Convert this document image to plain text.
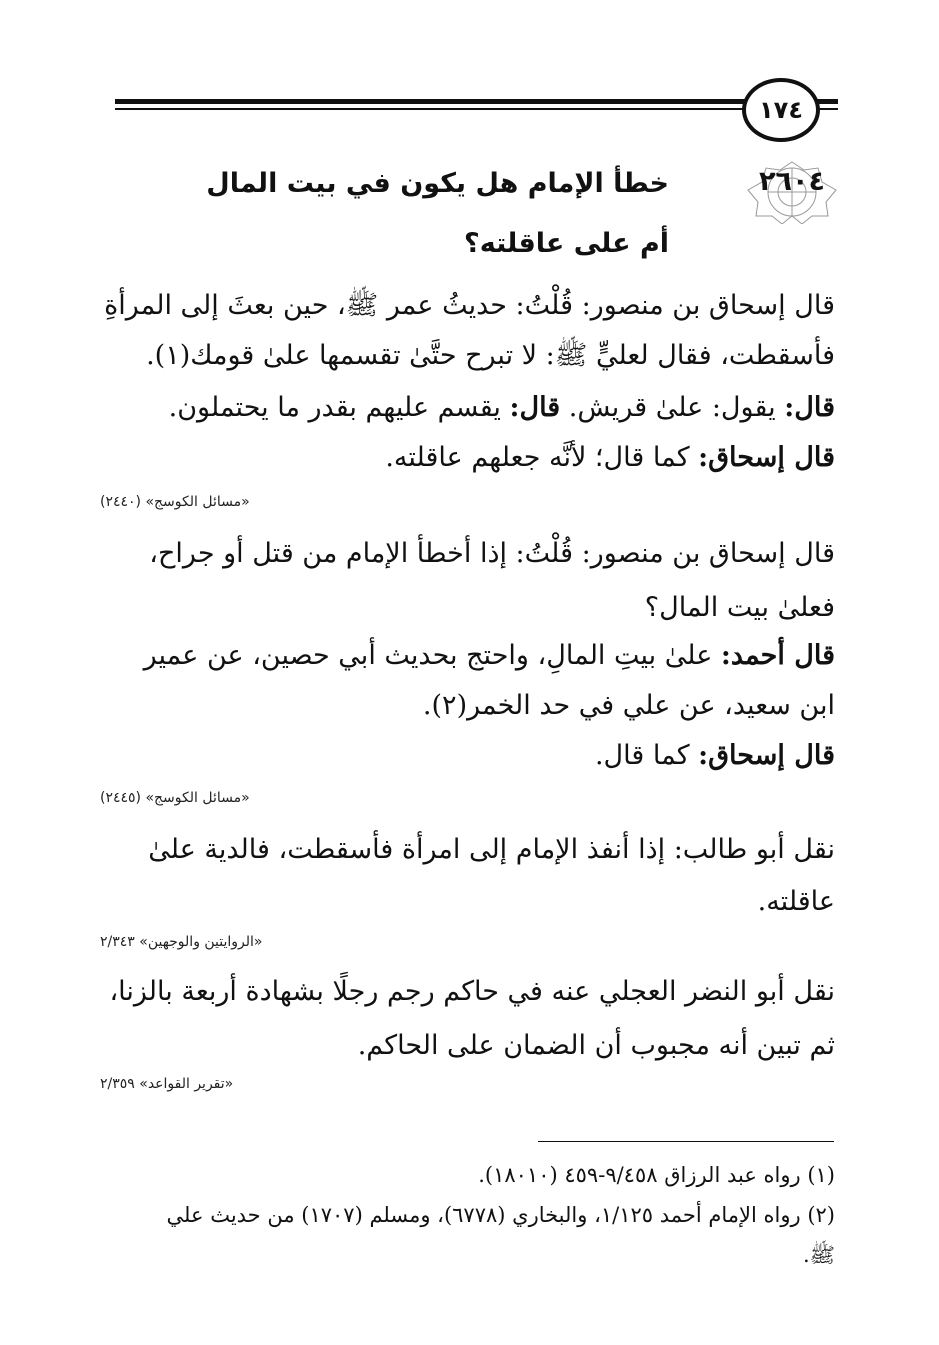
١٧٤
٢٦٠٤
خطأ الإمام هل يكون في بيت المال
أم على عاقلته؟
قال إسحاق بن منصور: قُلْتُ: حديثُ عمر ﷺ، حين بعثَ إلى المرأةِ
فأسقطت، فقال لعليٍّ ﷺ: لا تبرح حتَّىٰ تقسمها علىٰ قومك(١).
قال: يقول: علىٰ قريش. قال: يقسم عليهم بقدر ما يحتملون.
قال إسحاق: كما قال؛ لأنَّه جعلهم عاقلته.
«مسائل الكوسج» (٢٤٤٠)
قال إسحاق بن منصور: قُلْتُ: إذا أخطأ الإمام من قتل أو جراح،
فعلىٰ بيت المال؟
قال أحمد: علىٰ بيتِ المالِ، واحتج بحديث أبي حصين، عن عمير
ابن سعيد، عن علي في حد الخمر(٢).
قال إسحاق: كما قال.
«مسائل الكوسج» (٢٤٤٥)
نقل أبو طالب: إذا أنفذ الإمام إلى امرأة فأسقطت، فالدية علىٰ
عاقلته.
«الروايتين والوجهين» ٢/٣٤٣
نقل أبو النضر العجلي عنه في حاكم رجم رجلًا بشهادة أربعة بالزنا،
ثم تبين أنه مجبوب أن الضمان على الحاكم.
«تقرير القواعد» ٢/٣٥٩
(١) رواه عبد الرزاق ٩/٤٥٨-٤٥٩ (١٨٠١٠).
(٢) رواه الإمام أحمد ١/١٢٥، والبخاري (٦٧٧٨)، ومسلم (١٧٠٧) من حديث علي
ﷺ.
